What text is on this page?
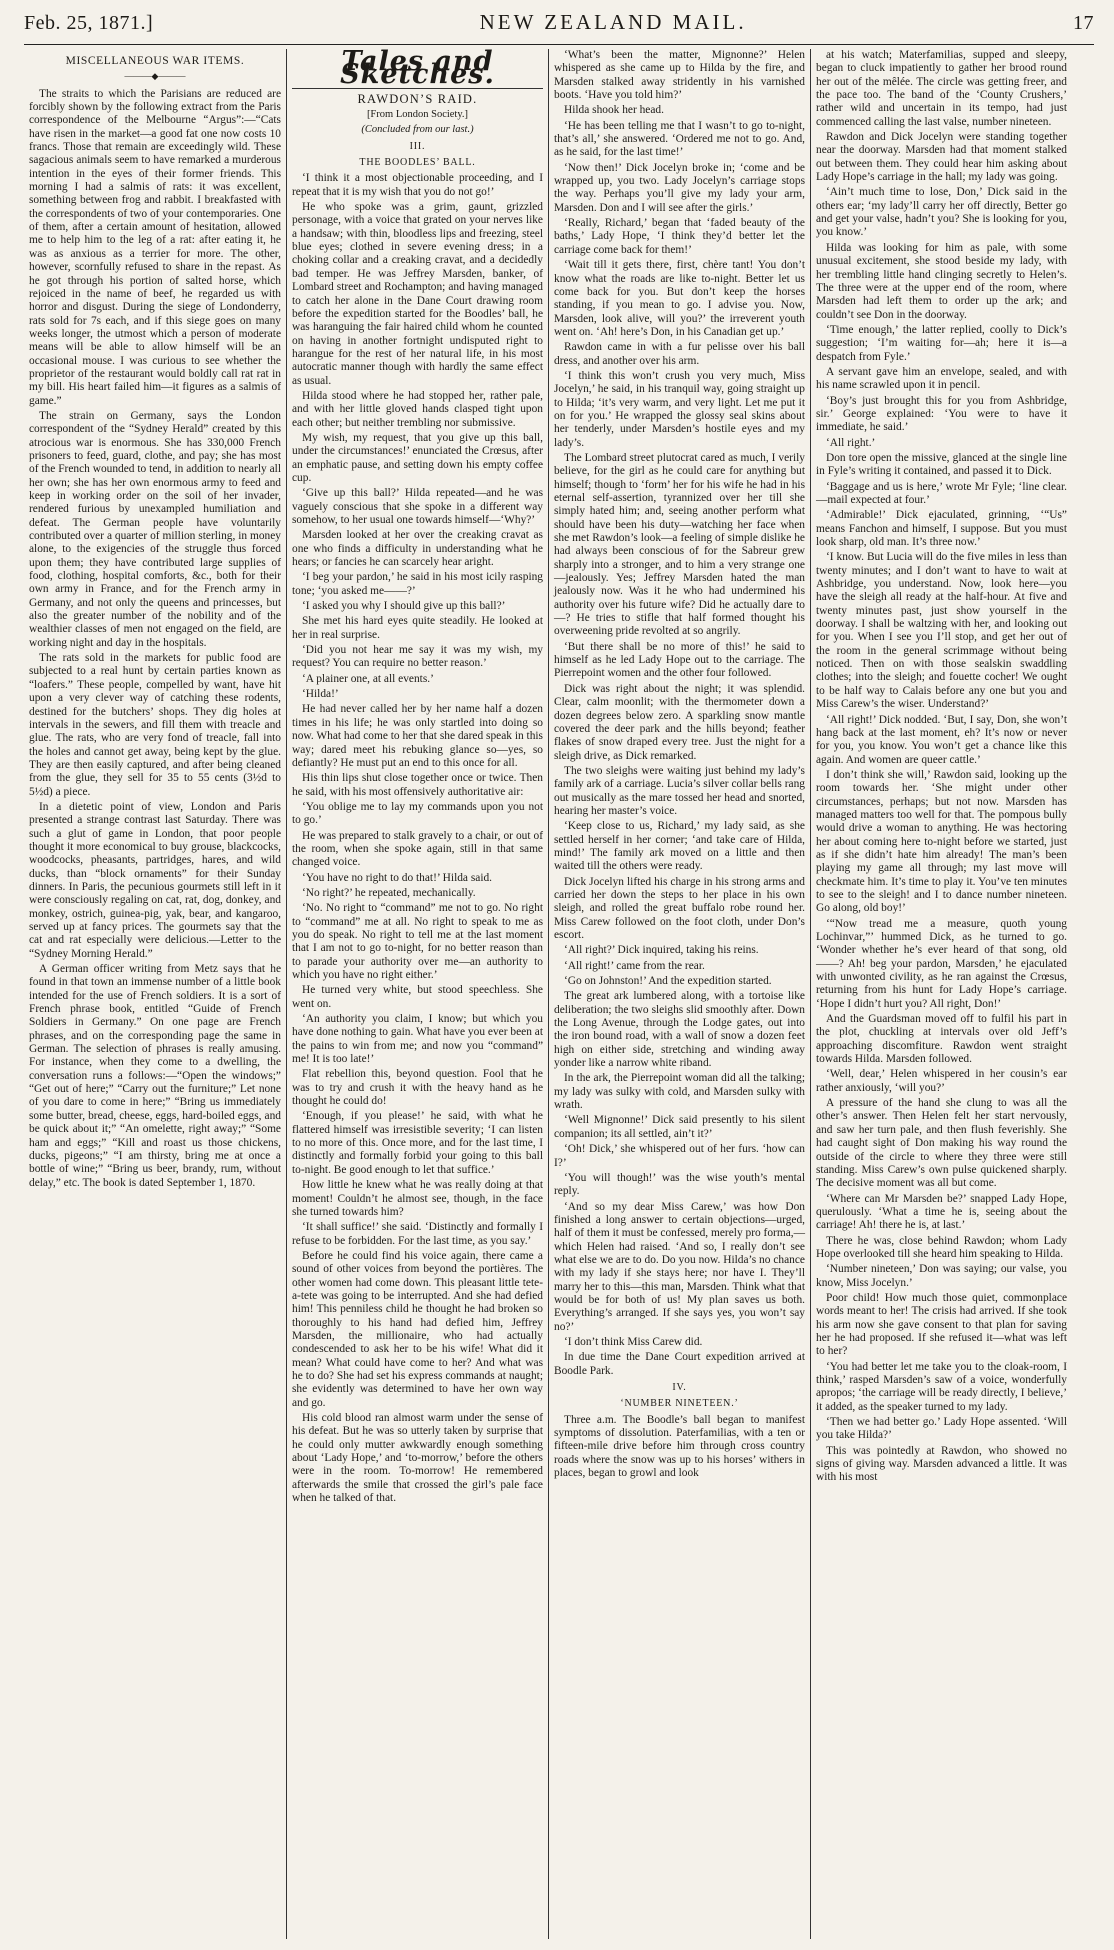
Feb. 25, 1871.]	NEW ZEALAND MAIL.	17
MISCELLANEOUS WAR ITEMS.
———◆———

The straits to which the Parisians are reduced are forcibly shown by the following extract from the Paris correspondence of the Melbourne “Argus”:—“Cats have risen in the market—a good fat one now costs 10 francs. Those that remain are exceedingly wild. These sagacious animals seem to have remarked a murderous intention in the eyes of their former friends. This morning I had a salmis of rats: it was excellent, something between frog and rabbit. I breakfasted with the correspondents of two of your contemporaries. One of them, after a certain amount of hesitation, allowed me to help him to the leg of a rat: after eating it, he was as anxious as a terrier for more. The other, however, scornfully refused to share in the repast. As he got through his portion of salted horse, which rejoiced in the name of beef, he regarded us with horror and disgust. During the siege of Londonderry, rats sold for 7s each, and if this siege goes on many weeks longer, the utmost which a person of moderate means will be able to allow himself will be an occasional mouse. I was curious to see whether the proprietor of the restaurant would boldly call rat rat in my bill. His heart failed him—it figures as a salmis of game.”

The strain on Germany, says the London correspondent of the “Sydney Herald” created by this atrocious war is enormous. She has 330,000 French prisoners to feed, guard, clothe, and pay; she has most of the French wounded to tend, in addition to nearly all her own; she has her own enormous army to feed and keep in working order on the soil of her invader, rendered furious by unexampled humiliation and defeat. The German people have voluntarily contributed over a quarter of million sterling, in money alone, to the exigencies of the struggle thus forced upon them; they have contributed large supplies of food, clothing, hospital comforts, &c., both for their own army in France, and for the French army in Germany, and not only the queens and princesses, but also the greater number of the nobility and of the wealthier classes of men not engaged on the field, are working night and day in the hospitals.

The rats sold in the markets for public food are subjected to a real hunt by certain parties known as “loafers.” These people, compelled by want, have hit upon a very clever way of catching these rodents, destined for the butchers’ shops. They dig holes at intervals in the sewers, and fill them with treacle and glue. The rats, who are very fond of treacle, fall into the holes and cannot get away, being kept by the glue. They are then easily captured, and after being cleaned from the glue, they sell for 35 to 55 cents (3½d to 5½d) a piece.

In a dietetic point of view, London and Paris presented a strange contrast last Saturday. There was such a glut of game in London, that poor people thought it more economical to buy grouse, blackcocks, woodcocks, pheasants, partridges, hares, and wild ducks, than “block ornaments” for their Sunday dinners. In Paris, the pecunious gourmets still left in it were consciously regaling on cat, rat, dog, donkey, and monkey, ostrich, guinea-pig, yak, bear, and kangaroo, served up at fancy prices. The gourmets say that the cat and rat especially were delicious.—Letter to the “Sydney Morning Herald.”

A German officer writing from Metz says that he found in that town an immense number of a little book intended for the use of French soldiers. It is a sort of French phrase book, entitled “Guide of French Soldiers in Germany.” On one page are French phrases, and on the corresponding page the same in German. The selection of phrases is really amusing. For instance, when they come to a dwelling, the conversation runs a follows:—“Open the windows;” “Get out of here;” “Carry out the furniture;” Let none of you dare to come in here;” “Bring us immediately some butter, bread, cheese, eggs, hard-boiled eggs, and be quick about it;” “An omelette, right away;” “Some ham and eggs;” “Kill and roast us those chickens, ducks, pigeons;” “I am thirsty, bring me at once a bottle of wine;” “Bring us beer, brandy, rum, without delay,” etc. The book is dated September 1, 1870.

Tales and Sketches.
RAWDON’S RAID.
[From London Society.]
(Concluded from our last.)
III.
THE BOODLES’ BALL.

‘I think it a most objectionable proceeding, and I repeat that it is my wish that you do not go!’

He who spoke was a grim, gaunt, grizzled personage, with a voice that grated on your nerves like a handsaw; with thin, bloodless lips and freezing, steel blue eyes; clothed in severe evening dress; in a choking collar and a creaking cravat, and a decidedly bad temper. He was Jeffrey Marsden, banker, of Lombard street and Rochampton; and having managed to catch her alone in the Dane Court drawing room before the expedition started for the Boodles’ ball, he was haranguing the fair haired child whom he counted on having in another fortnight undisputed right to harangue for the rest of her natural life, in his most autocratic manner though with hardly the same effect as usual.

Hilda stood where he had stopped her, rather pale, and with her little gloved hands clasped tight upon each other; but neither trembling nor submissive.

My wish, my request, that you give up this ball, under the circumstances!’ enunciated the Crœsus, after an emphatic pause, and setting down his empty coffee cup.

‘Give up this ball?’ Hilda repeated—and he was vaguely conscious that she spoke in a different way somehow, to her usual one towards himself—‘Why?’

Marsden looked at her over the creaking cravat as one who finds a difficulty in understanding what he hears; or fancies he can scarcely hear aright.

‘I beg your pardon,’ he said in his most icily rasping tone; ‘you asked me——?’

‘I asked you why I should give up this ball?’

She met his hard eyes quite steadily. He looked at her in real surprise.

‘Did you not hear me say it was my wish, my request? You can require no better reason.’

‘A plainer one, at all events.’

‘Hilda!’

He had never called her by her name half a dozen times in his life; he was only startled into doing so now. What had come to her that she dared speak in this way; dared meet his rebuking glance so—yes, so defiantly? He must put an end to this once for all.

His thin lips shut close together once or twice. Then he said, with his most offensively authoritative air:

‘You oblige me to lay my commands upon you not to go.’

He was prepared to stalk gravely to a chair, or out of the room, when she spoke again, still in that same changed voice.

‘You have no right to do that!’ Hilda said.

‘No right?’ he repeated, mechanically.

‘No. No right to “command” me not to go. No right to “command” me at all. No right to speak to me as you do speak. No right to tell me at the last moment that I am not to go to-night, for no better reason than to parade your authority over me—an authority to which you have no right either.’

He turned very white, but stood speechless. She went on.

‘An authority you claim, I know; but which you have done nothing to gain. What have you ever been at the pains to win from me; and now you “command” me! It is too late!’

Flat rebellion this, beyond question. Fool that he was to try and crush it with the heavy hand as he thought he could do!

‘Enough, if you please!’ he said, with what he flattered himself was irresistible severity; ‘I can listen to no more of this. Once more, and for the last time, I distinctly and formally forbid your going to this ball to-night. Be good enough to let that suffice.’

How little he knew what he was really doing at that moment! Couldn’t he almost see, though, in the face she turned towards him?

‘It shall suffice!’ she said. ‘Distinctly and formally I refuse to be forbidden. For the last time, as you say.’

Before he could find his voice again, there came a sound of other voices from beyond the portières. The other women had come down. This pleasant little tete-a-tete was going to be interrupted. And she had defied him! This penniless child he thought he had broken so thoroughly to his hand had defied him, Jeffrey Marsden, the millionaire, who had actually condescended to ask her to be his wife! What did it mean? What could have come to her? And what was he to do? She had set his express commands at naught; she evidently was determined to have her own way and go.

His cold blood ran almost warm under the sense of his defeat. But he was so utterly taken by surprise that he could only mutter awkwardly enough something about ‘Lady Hope,’ and ‘to-morrow,’ before the others were in the room. To-morrow! He remembered afterwards the smile that crossed the girl’s pale face when he talked of that.

‘What’s been the matter, Mignonne?’ Helen whispered as she came up to Hilda by the fire, and Marsden stalked away stridently in his varnished boots. ‘Have you told him?’

Hilda shook her head.

‘He has been telling me that I wasn’t to go to-night, that’s all,’ she answered. ‘Ordered me not to go. And, as he said, for the last time!’

‘Now then!’ Dick Jocelyn broke in; ‘come and be wrapped up, you two. Lady Jocelyn’s carriage stops the way. Perhaps you’ll give my lady your arm, Marsden. Don and I will see after the girls.’

‘Really, Richard,’ began that ‘faded beauty of the baths,’ Lady Hope, ‘I think they’d better let the carriage come back for them!’

‘Wait till it gets there, first, chère tant! You don’t know what the roads are like to-night. Better let us come back for you. But don’t keep the horses standing, if you mean to go. I advise you. Now, Marsden, look alive, will you?’ the irreverent youth went on. ‘Ah! here’s Don, in his Canadian get up.’

Rawdon came in with a fur pelisse over his ball dress, and another over his arm.

‘I think this won’t crush you very much, Miss Jocelyn,’ he said, in his tranquil way, going straight up to Hilda; ‘it’s very warm, and very light. Let me put it on for you.’ He wrapped the glossy seal skins about her tenderly, under Marsden’s hostile eyes and my lady’s.

The Lombard street plutocrat cared as much, I verily believe, for the girl as he could care for anything but himself; though to ‘form’ her for his wife he had in his eternal self-assertion, tyrannized over her till she simply hated him; and, seeing another perform what should have been his duty—watching her face when she met Rawdon’s look—a feeling of simple dislike he had always been conscious of for the Sabreur grew sharply into a stronger, and to him a very strange one—jealously. Yes; Jeffrey Marsden hated the man jealously now. Was it he who had undermined his authority over his future wife? Did he actually dare to—? He tries to stifle that half formed thought his overweening pride revolted at so angrily.

‘But there shall be no more of this!’ he said to himself as he led Lady Hope out to the carriage. The Pierrepoint women and the other four followed.

Dick was right about the night; it was splendid. Clear, calm moonlit; with the thermometer down a dozen degrees below zero. A sparkling snow mantle covered the deer park and the hills beyond; feather flakes of snow draped every tree. Just the night for a sleigh drive, as Dick remarked.

The two sleighs were waiting just behind my lady’s family ark of a carriage. Lucia’s silver collar bells rang out musically as the mare tossed her head and snorted, hearing her master’s voice.

‘Keep close to us, Richard,’ my lady said, as she settled herself in her corner; ‘and take care of Hilda, mind!’ The family ark moved on a little and then waited till the others were ready.

Dick Jocelyn lifted his charge in his strong arms and carried her down the steps to her place in his own sleigh, and rolled the great buffalo robe round her. Miss Carew followed on the foot cloth, under Don’s escort.

‘All right?’ Dick inquired, taking his reins.

‘All right!’ came from the rear.

‘Go on Johnston!’ And the expedition started.

The great ark lumbered along, with a tortoise like deliberation; the two sleighs slid smoothly after. Down the Long Avenue, through the Lodge gates, out into the iron bound road, with a wall of snow a dozen feet high on either side, stretching and winding away yonder like a narrow white riband.

In the ark, the Pierrepoint woman did all the talking; my lady was sulky with cold, and Marsden sulky with wrath.

‘Well Mignonne!’ Dick said presently to his silent companion; its all settled, ain’t it?’

‘Oh! Dick,’ she whispered out of her furs. ‘how can I?’

‘You will though!’ was the wise youth’s mental reply.

‘And so my dear Miss Carew,’ was how Don finished a long answer to certain objections—urged, half of them it must be confessed, merely pro forma,—which Helen had raised. ‘And so, I really don’t see what else we are to do. Do you now. Hilda’s no chance with my lady if she stays here; nor have I. They’ll marry her to this—this man, Marsden. Think what that would be for both of us! My plan saves us both. Everything’s arranged. If she says yes, you won’t say no?’

‘I don’t think Miss Carew did.

In due time the Dane Court expedition arrived at Boodle Park.

IV.
‘NUMBER NINETEEN.’

Three a.m. The Boodle’s ball began to manifest symptoms of dissolution. Paterfamilias, with a ten or fifteen-mile drive before him through cross country roads where the snow was up to his horses’ withers in places, began to growl and look

at his watch; Materfamilias, supped and sleepy, began to cluck impatiently to gather her brood round her out of the mêlée. The circle was getting freer, and the pace too. The band of the ‘County Crushers,’ rather wild and uncertain in its tempo, had just commenced calling the last valse, number nineteen.

Rawdon and Dick Jocelyn were standing together near the doorway. Marsden had that moment stalked out between them. They could hear him asking about Lady Hope’s carriage in the hall; my lady was going.

‘Ain’t much time to lose, Don,’ Dick said in the others ear; ‘my lady’ll carry her off directly, Better go and get your valse, hadn’t you? She is looking for you, you know.’

Hilda was looking for him as pale, with some unusual excitement, she stood beside my lady, with her trembling little hand clinging secretly to Helen’s. The three were at the upper end of the room, where Marsden had left them to order up the ark; and couldn’t see Don in the doorway.

‘Time enough,’ the latter replied, coolly to Dick’s suggestion; ‘I’m waiting for—ah; here it is—a despatch from Fyle.’

A servant gave him an envelope, sealed, and with his name scrawled upon it in pencil.

‘Boy’s just brought this for you from Ashbridge, sir.’ George explained: ‘You were to have it immediate, he said.’

‘All right.’

Don tore open the missive, glanced at the single line in Fyle’s writing it contained, and passed it to Dick.

‘Baggage and us is here,’ wrote Mr Fyle; ‘line clear.—mail expected at four.’

‘Admirable!’ Dick ejaculated, grinning, ‘“Us” means Fanchon and himself, I suppose. But you must look sharp, old man. It’s three now.’

‘I know. But Lucia will do the five miles in less than twenty minutes; and I don’t want to have to wait at Ashbridge, you understand. Now, look here—you have the sleigh all ready at the half-hour. At five and twenty minutes past, just show yourself in the doorway. I shall be waltzing with her, and looking out for you. When I see you I’ll stop, and get her out of the room in the general scrimmage without being noticed. Then on with those sealskin swaddling clothes; into the sleigh; and fouette cocher! We ought to be half way to Calais before any one but you and Miss Carew’s the wiser. Understand?’

‘All right!’ Dick nodded. ‘But, I say, Don, she won’t hang back at the last moment, eh? It’s now or never for you, you know. You won’t get a chance like this again. And women are queer cattle.’

I don’t think she will,’ Rawdon said, looking up the room towards her. ‘She might under other circumstances, perhaps; but not now. Marsden has managed matters too well for that. The pompous bully would drive a woman to anything. He was hectoring her about coming here to-night before we started, just as if she didn’t hate him already! The man’s been playing my game all through; my last move will checkmate him. It’s time to play it. You’ve ten minutes to see to the sleigh! and I to dance number nineteen. Go along, old boy!’

‘“Now tread me a measure, quoth young Lochinvar,”’ hummed Dick, as he turned to go. ‘Wonder whether he’s ever heard of that song, old ——? Ah! beg your pardon, Marsden,’ he ejaculated with unwonted civility, as he ran against the Crœsus, returning from his hunt for Lady Hope’s carriage. ‘Hope I didn’t hurt you? All right, Don!’

And the Guardsman moved off to fulfil his part in the plot, chuckling at intervals over old Jeff’s approaching discomfiture. Rawdon went straight towards Hilda. Marsden followed.

‘Well, dear,’ Helen whispered in her cousin’s ear rather anxiously, ‘will you?’

A pressure of the hand she clung to was all the other’s answer. Then Helen felt her start nervously, and saw her turn pale, and then flush feverishly. She had caught sight of Don making his way round the outside of the circle to where they three were still standing. Miss Carew’s own pulse quickened sharply. The decisive moment was all but come.

‘Where can Mr Marsden be?’ snapped Lady Hope, querulously. ‘What a time he is, seeing about the carriage! Ah! there he is, at last.’

There he was, close behind Rawdon; whom Lady Hope overlooked till she heard him speaking to Hilda.

‘Number nineteen,’ Don was saying; our valse, you know, Miss Jocelyn.’

Poor child! How much those quiet, commonplace words meant to her! The crisis had arrived. If she took his arm now she gave consent to that plan for saving her he had proposed. If she refused it—what was left to her?

‘You had better let me take you to the cloak-room, I think,’ rasped Marsden’s saw of a voice, wonderfully apropos; ‘the carriage will be ready directly, I believe,’ it added, as the speaker turned to my lady.

‘Then we had better go.’ Lady Hope assented. ‘Will you take Hilda?’

This was pointedly at Rawdon, who showed no signs of giving way. Marsden advanced a little. It was with his most
